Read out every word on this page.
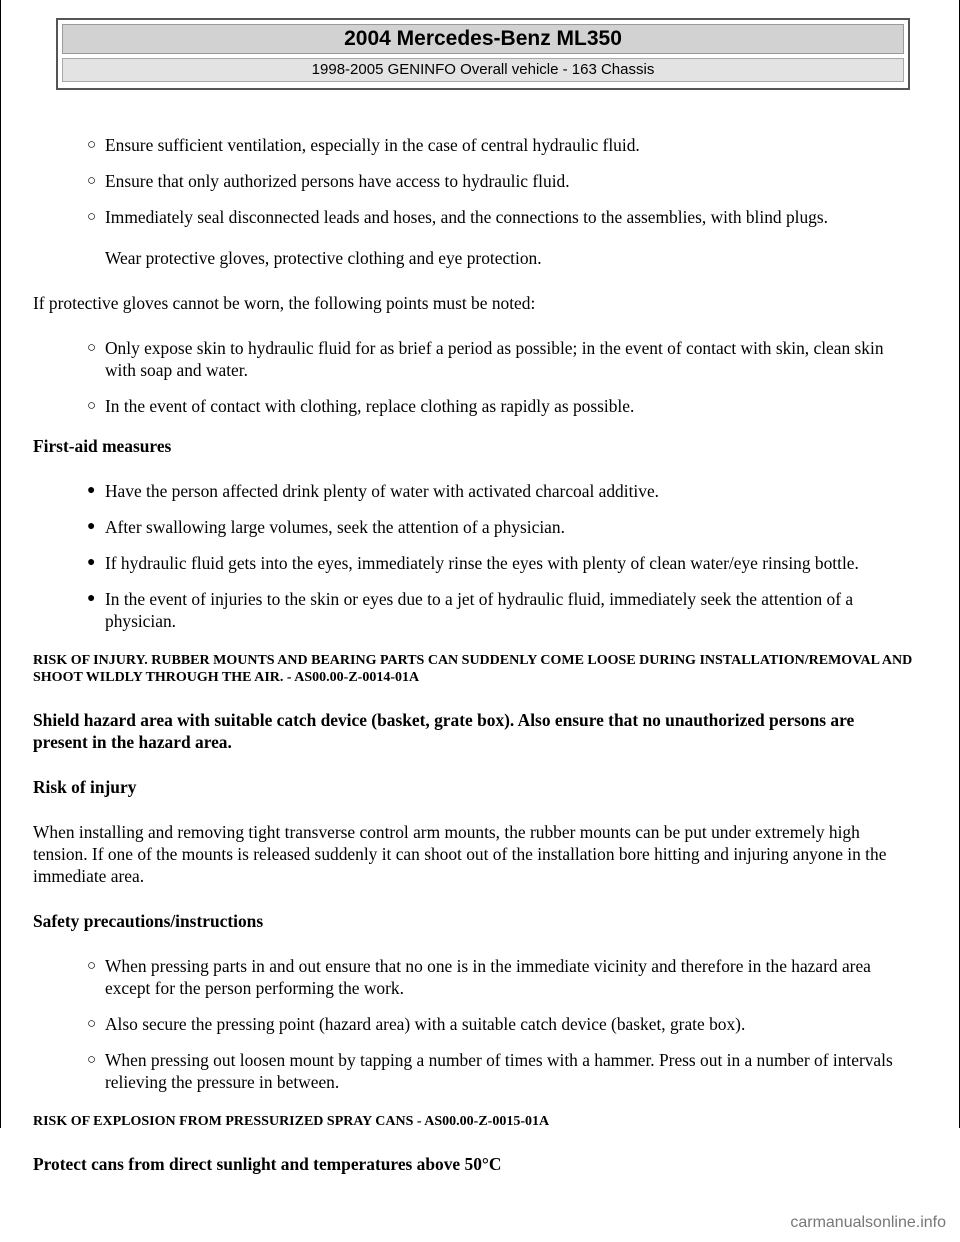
2004 Mercedes-Benz ML350
1998-2005 GENINFO Overall vehicle - 163 Chassis
○ Ensure sufficient ventilation, especially in the case of central hydraulic fluid.
○ Ensure that only authorized persons have access to hydraulic fluid.
○ Immediately seal disconnected leads and hoses, and the connections to the assemblies, with blind plugs.
Wear protective gloves, protective clothing and eye protection.
If protective gloves cannot be worn, the following points must be noted:
○ Only expose skin to hydraulic fluid for as brief a period as possible; in the event of contact with skin, clean skin with soap and water.
○ In the event of contact with clothing, replace clothing as rapidly as possible.
First-aid measures
● Have the person affected drink plenty of water with activated charcoal additive.
● After swallowing large volumes, seek the attention of a physician.
● If hydraulic fluid gets into the eyes, immediately rinse the eyes with plenty of clean water/eye rinsing bottle.
● In the event of injuries to the skin or eyes due to a jet of hydraulic fluid, immediately seek the attention of a physician.
RISK OF INJURY. RUBBER MOUNTS AND BEARING PARTS CAN SUDDENLY COME LOOSE DURING INSTALLATION/REMOVAL AND SHOOT WILDLY THROUGH THE AIR. - AS00.00-Z-0014-01A
Shield hazard area with suitable catch device (basket, grate box). Also ensure that no unauthorized persons are present in the hazard area.
Risk of injury
When installing and removing tight transverse control arm mounts, the rubber mounts can be put under extremely high tension. If one of the mounts is released suddenly it can shoot out of the installation bore hitting and injuring anyone in the immediate area.
Safety precautions/instructions
○ When pressing parts in and out ensure that no one is in the immediate vicinity and therefore in the hazard area except for the person performing the work.
○ Also secure the pressing point (hazard area) with a suitable catch device (basket, grate box).
○ When pressing out loosen mount by tapping a number of times with a hammer. Press out in a number of intervals relieving the pressure in between.
RISK OF EXPLOSION FROM PRESSURIZED SPRAY CANS - AS00.00-Z-0015-01A
Protect cans from direct sunlight and temperatures above 50°C
carmanualsonline.info
